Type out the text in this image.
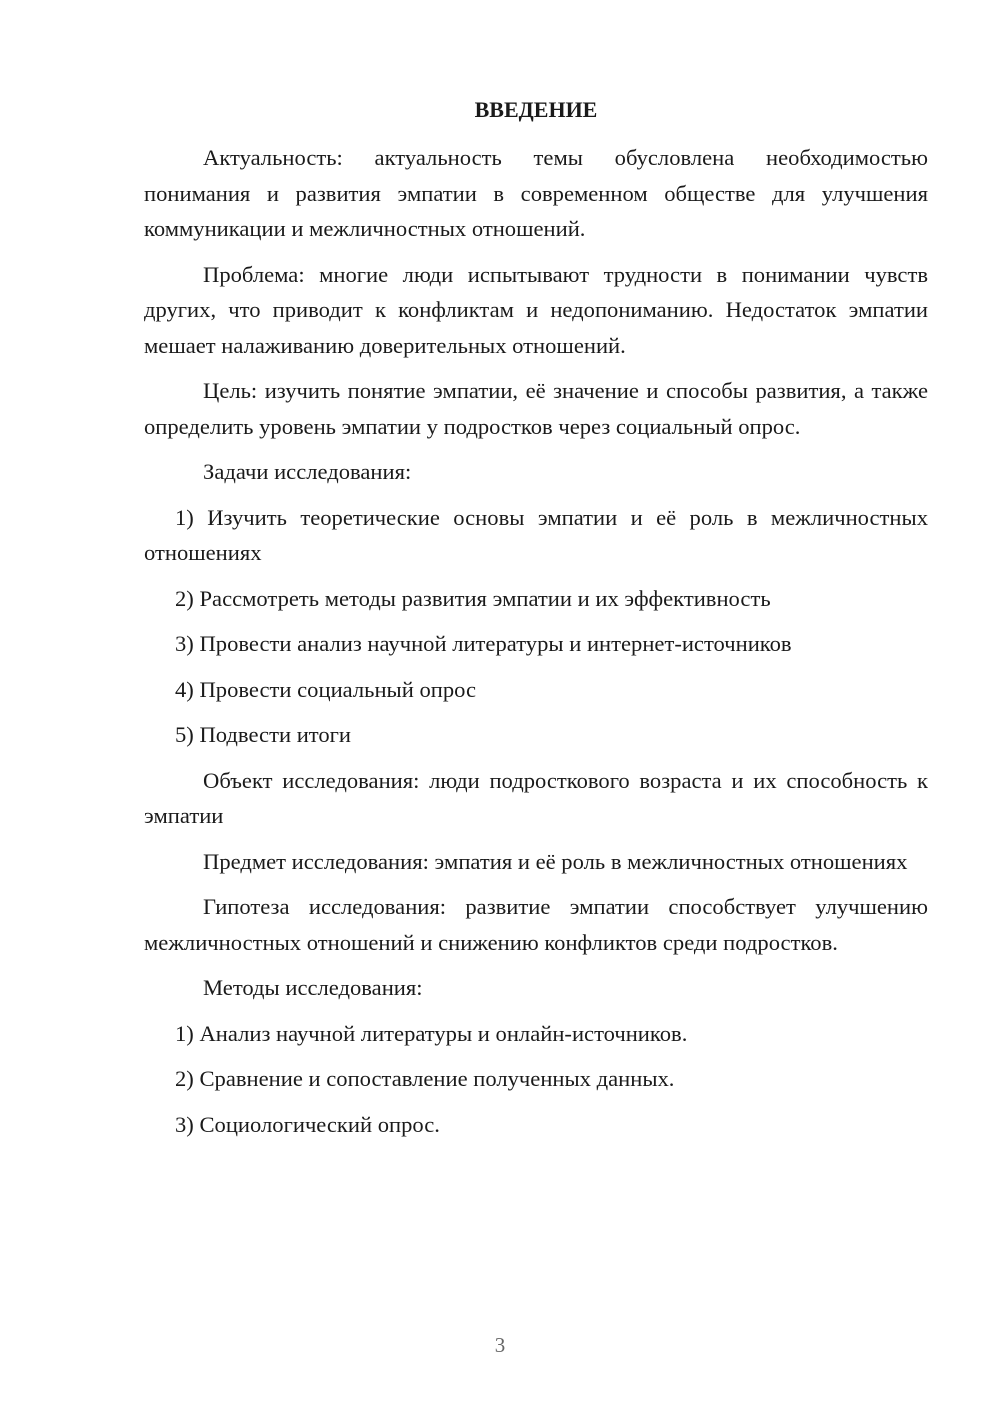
ВВЕДЕНИЕ

Актуальность: актуальность темы обусловлена необходимостью понимания и развития эмпатии в современном обществе для улучшения коммуникации и межличностных отношений.

Проблема: многие люди испытывают трудности в понимании чувств других, что приводит к конфликтам и недопониманию. Недостаток эмпатии мешает налаживанию доверительных отношений.

Цель: изучить понятие эмпатии, её значение и способы развития, а также определить уровень эмпатии у подростков через социальный опрос.

Задачи исследования:

1) Изучить теоретические основы эмпатии и её роль в межличностных отношениях

2) Рассмотреть методы развития эмпатии и их эффективность

3) Провести анализ научной литературы и интернет-источников

4) Провести социальный опрос

5) Подвести итоги

Объект исследования: люди подросткового возраста и их способность к эмпатии

Предмет исследования: эмпатия и её роль в межличностных отношениях

Гипотеза исследования: развитие эмпатии способствует улучшению межличностных отношений и снижению конфликтов среди подростков.

Методы исследования:

1) Анализ научной литературы и онлайн-источников.

2) Сравнение и сопоставление полученных данных.

3) Социологический опрос.

3
